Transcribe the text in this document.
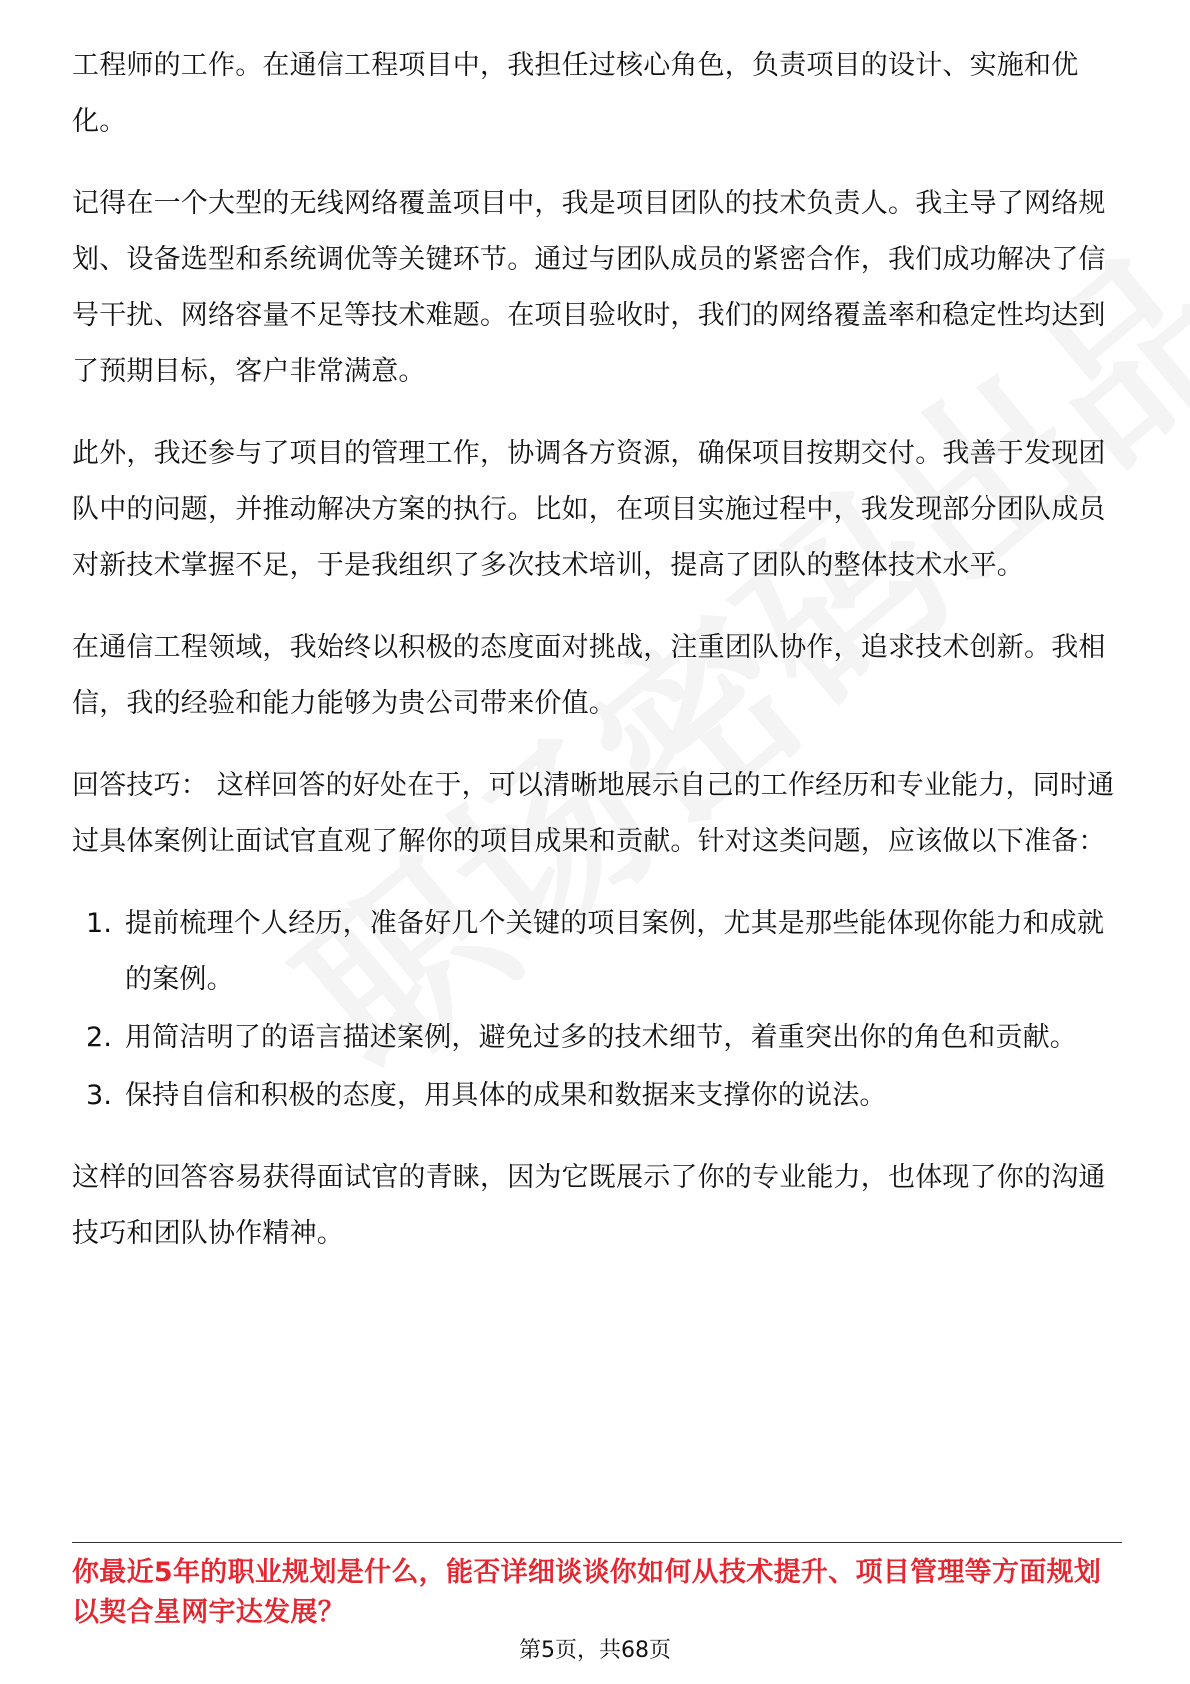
工程师的工作。在通信工程项目中，我担任过核心角色，负责项目的设计、实施和优化。

记得在一个大型的无线网络覆盖项目中，我是项目团队的技术负责人。我主导了网络规划、设备选型和系统调优等关键环节。通过与团队成员的紧密合作，我们成功解决了信号干扰、网络容量不足等技术难题。在项目验收时，我们的网络覆盖率和稳定性均达到了预期目标，客户非常满意。

此外，我还参与了项目的管理工作，协调各方资源，确保项目按期交付。我善于发现团队中的问题，并推动解决方案的执行。比如，在项目实施过程中，我发现部分团队成员对新技术掌握不足，于是我组织了多次技术培训，提高了团队的整体技术水平。

在通信工程领域，我始终以积极的态度面对挑战，注重团队协作，追求技术创新。我相信，我的经验和能力能够为贵公司带来价值。

回答技巧： 这样回答的好处在于，可以清晰地展示自己的工作经历和专业能力，同时通过具体案例让面试官直观了解你的项目成果和贡献。针对这类问题，应该做以下准备：

1. 提前梳理个人经历，准备好几个关键的项目案例，尤其是那些能体现你能力和成就的案例。
2. 用简洁明了的语言描述案例，避免过多的技术细节，着重突出你的角色和贡献。
3. 保持自信和积极的态度，用具体的成果和数据来支撑你的说法。

这样的回答容易获得面试官的青睐，因为它既展示了你的专业能力，也体现了你的沟通技巧和团队协作精神。

你最近5年的职业规划是什么，能否详细谈谈你如何从技术提升、项目管理等方面规划以契合星网宇达发展？

第5页，共68页
